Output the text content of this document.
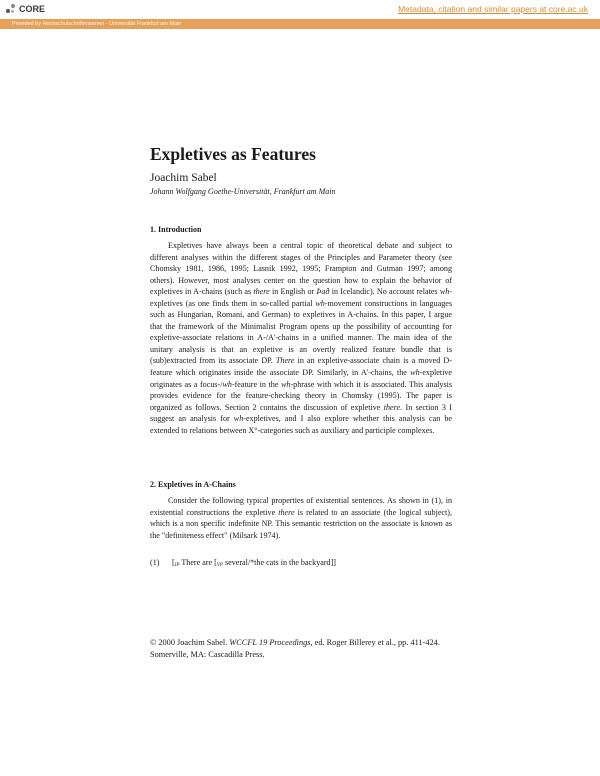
CORE	Metadata, citation and similar papers at core.ac.uk
Provided by Hochschulschriftenserver - Universität Frankfurt am Main
Expletives as Features
Joachim Sabel
Johann Wolfgang Goethe-Universität, Frankfurt am Main
1. Introduction

Expletives have always been a central topic of theoretical debate and subject to different analyses within the different stages of the Principles and Parameter theory (see Chomsky 1981, 1986, 1995; Lasnik 1992, 1995; Frampton and Gutman 1997; among others). However, most analyses center on the question how to explain the behavior of expletives in A-chains (such as there in English or Það in Icelandic). No account relates wh-expletives (as one finds them in so-called partial wh-movement constructions in languages such as Hungarian, Romani, and German) to expletives in A-chains. In this paper, I argue that the framework of the Minimalist Program opens up the possibility of accounting for expletive-associate relations in A-/A'-chains in a unified manner. The main idea of the unitary analysis is that an expletive is an overtly realized feature bundle that is (sub)extracted from its associate DP. There in an expletive-associate chain is a moved D-feature which originates inside the associate DP. Similarly, in A'-chains, the wh-expletive originates as a focus-/wh-feature in the wh-phrase with which it is associated. This analysis provides evidence for the feature-checking theory in Chomsky (1995). The paper is organized as follows. Section 2 contains the discussion of expletive there. In section 3 I suggest an analysis for wh-expletives, and I also explore whether this analysis can be extended to relations between X°-categories such as auxiliary and participle complexes.

2. Expletives in A-Chains

Consider the following typical properties of existential sentences. As shown in (1), in existential constructions the expletive there is related to an associate (the logical subject), which is a non specific indefinite NP. This semantic restriction on the associate is known as the "definiteness effect" (Milsark 1974).

(1) [$_{IP}$ There are [$_{VP}$ several/*the cats in the backyard]]
© 2000 Joachim Sabel. WCCFL 19 Proceedings, ed. Roger Billerey et al., pp. 411-424. Somerville, MA: Cascadilla Press.
